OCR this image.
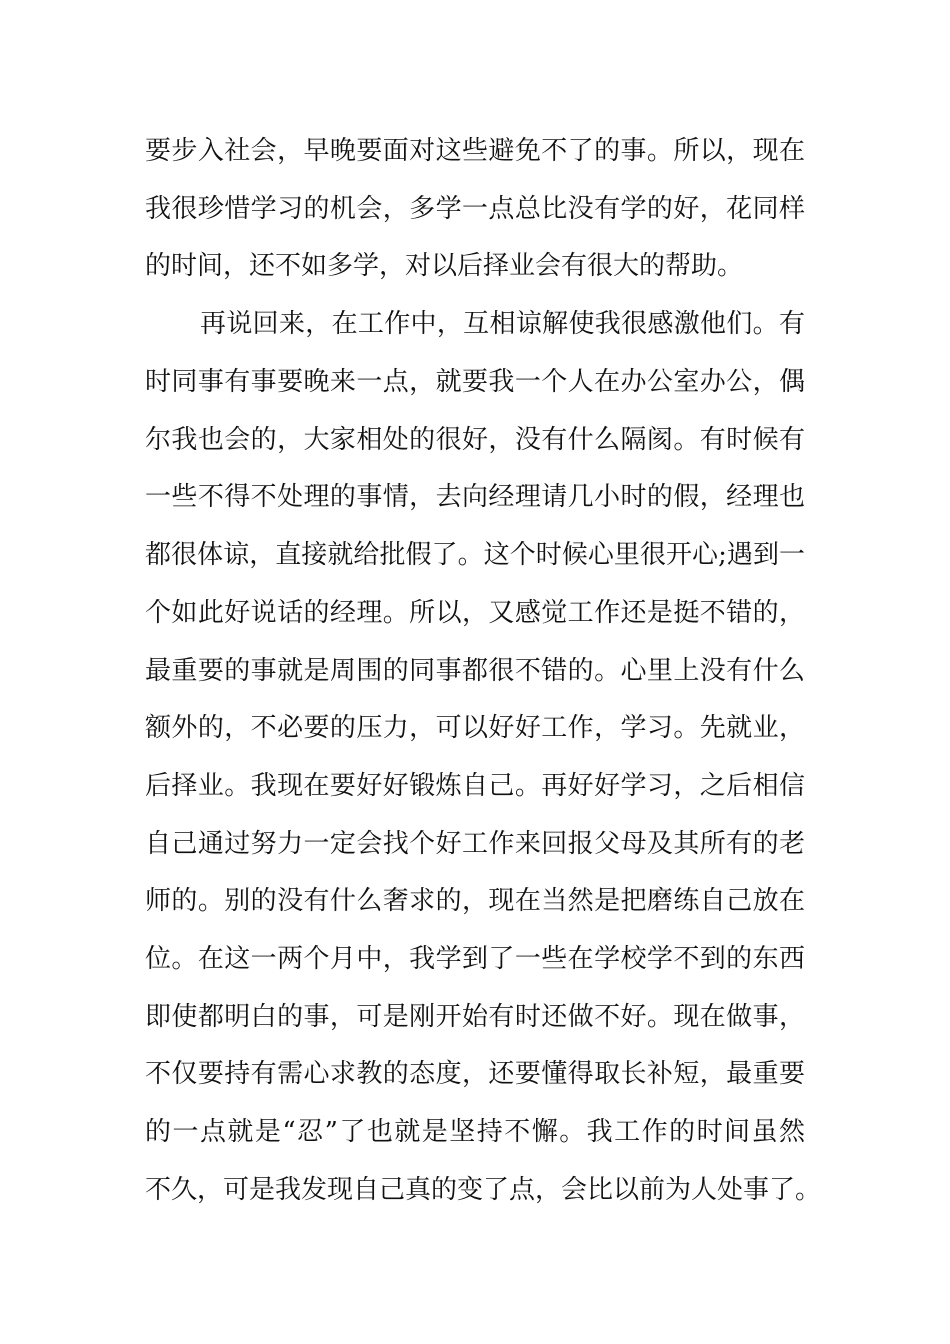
要步入社会，早晚要面对这些避免不了的事。所以，现在
我很珍惜学习的机会，多学一点总比没有学的好，花同样
的时间，还不如多学，对以后择业会有很大的帮助。
再说回来，在工作中，互相谅解使我很感激他们。有
时同事有事要晚来一点，就要我一个人在办公室办公，偶
尔我也会的，大家相处的很好，没有什么隔阂。有时候有
一些不得不处理的事情，去向经理请几小时的假，经理也
都很体谅，直接就给批假了。这个时候心里很开心;遇到一
个如此好说话的经理。所以，又感觉工作还是挺不错的，
最重要的事就是周围的同事都很不错的。心里上没有什么
额外的，不必要的压力，可以好好工作，学习。先就业，
后择业。我现在要好好锻炼自己。再好好学习，之后相信
自己通过努力一定会找个好工作来回报父母及其所有的老
师的。别的没有什么奢求的，现在当然是把磨练自己放在
位。在这一两个月中，我学到了一些在学校学不到的东西
即使都明白的事，可是刚开始有时还做不好。现在做事，
不仅要持有需心求教的态度，还要懂得取长补短，最重要
的一点就是“忍”了也就是坚持不懈。我工作的时间虽然
不久，可是我发现自己真的变了点，会比以前为人处事了。
